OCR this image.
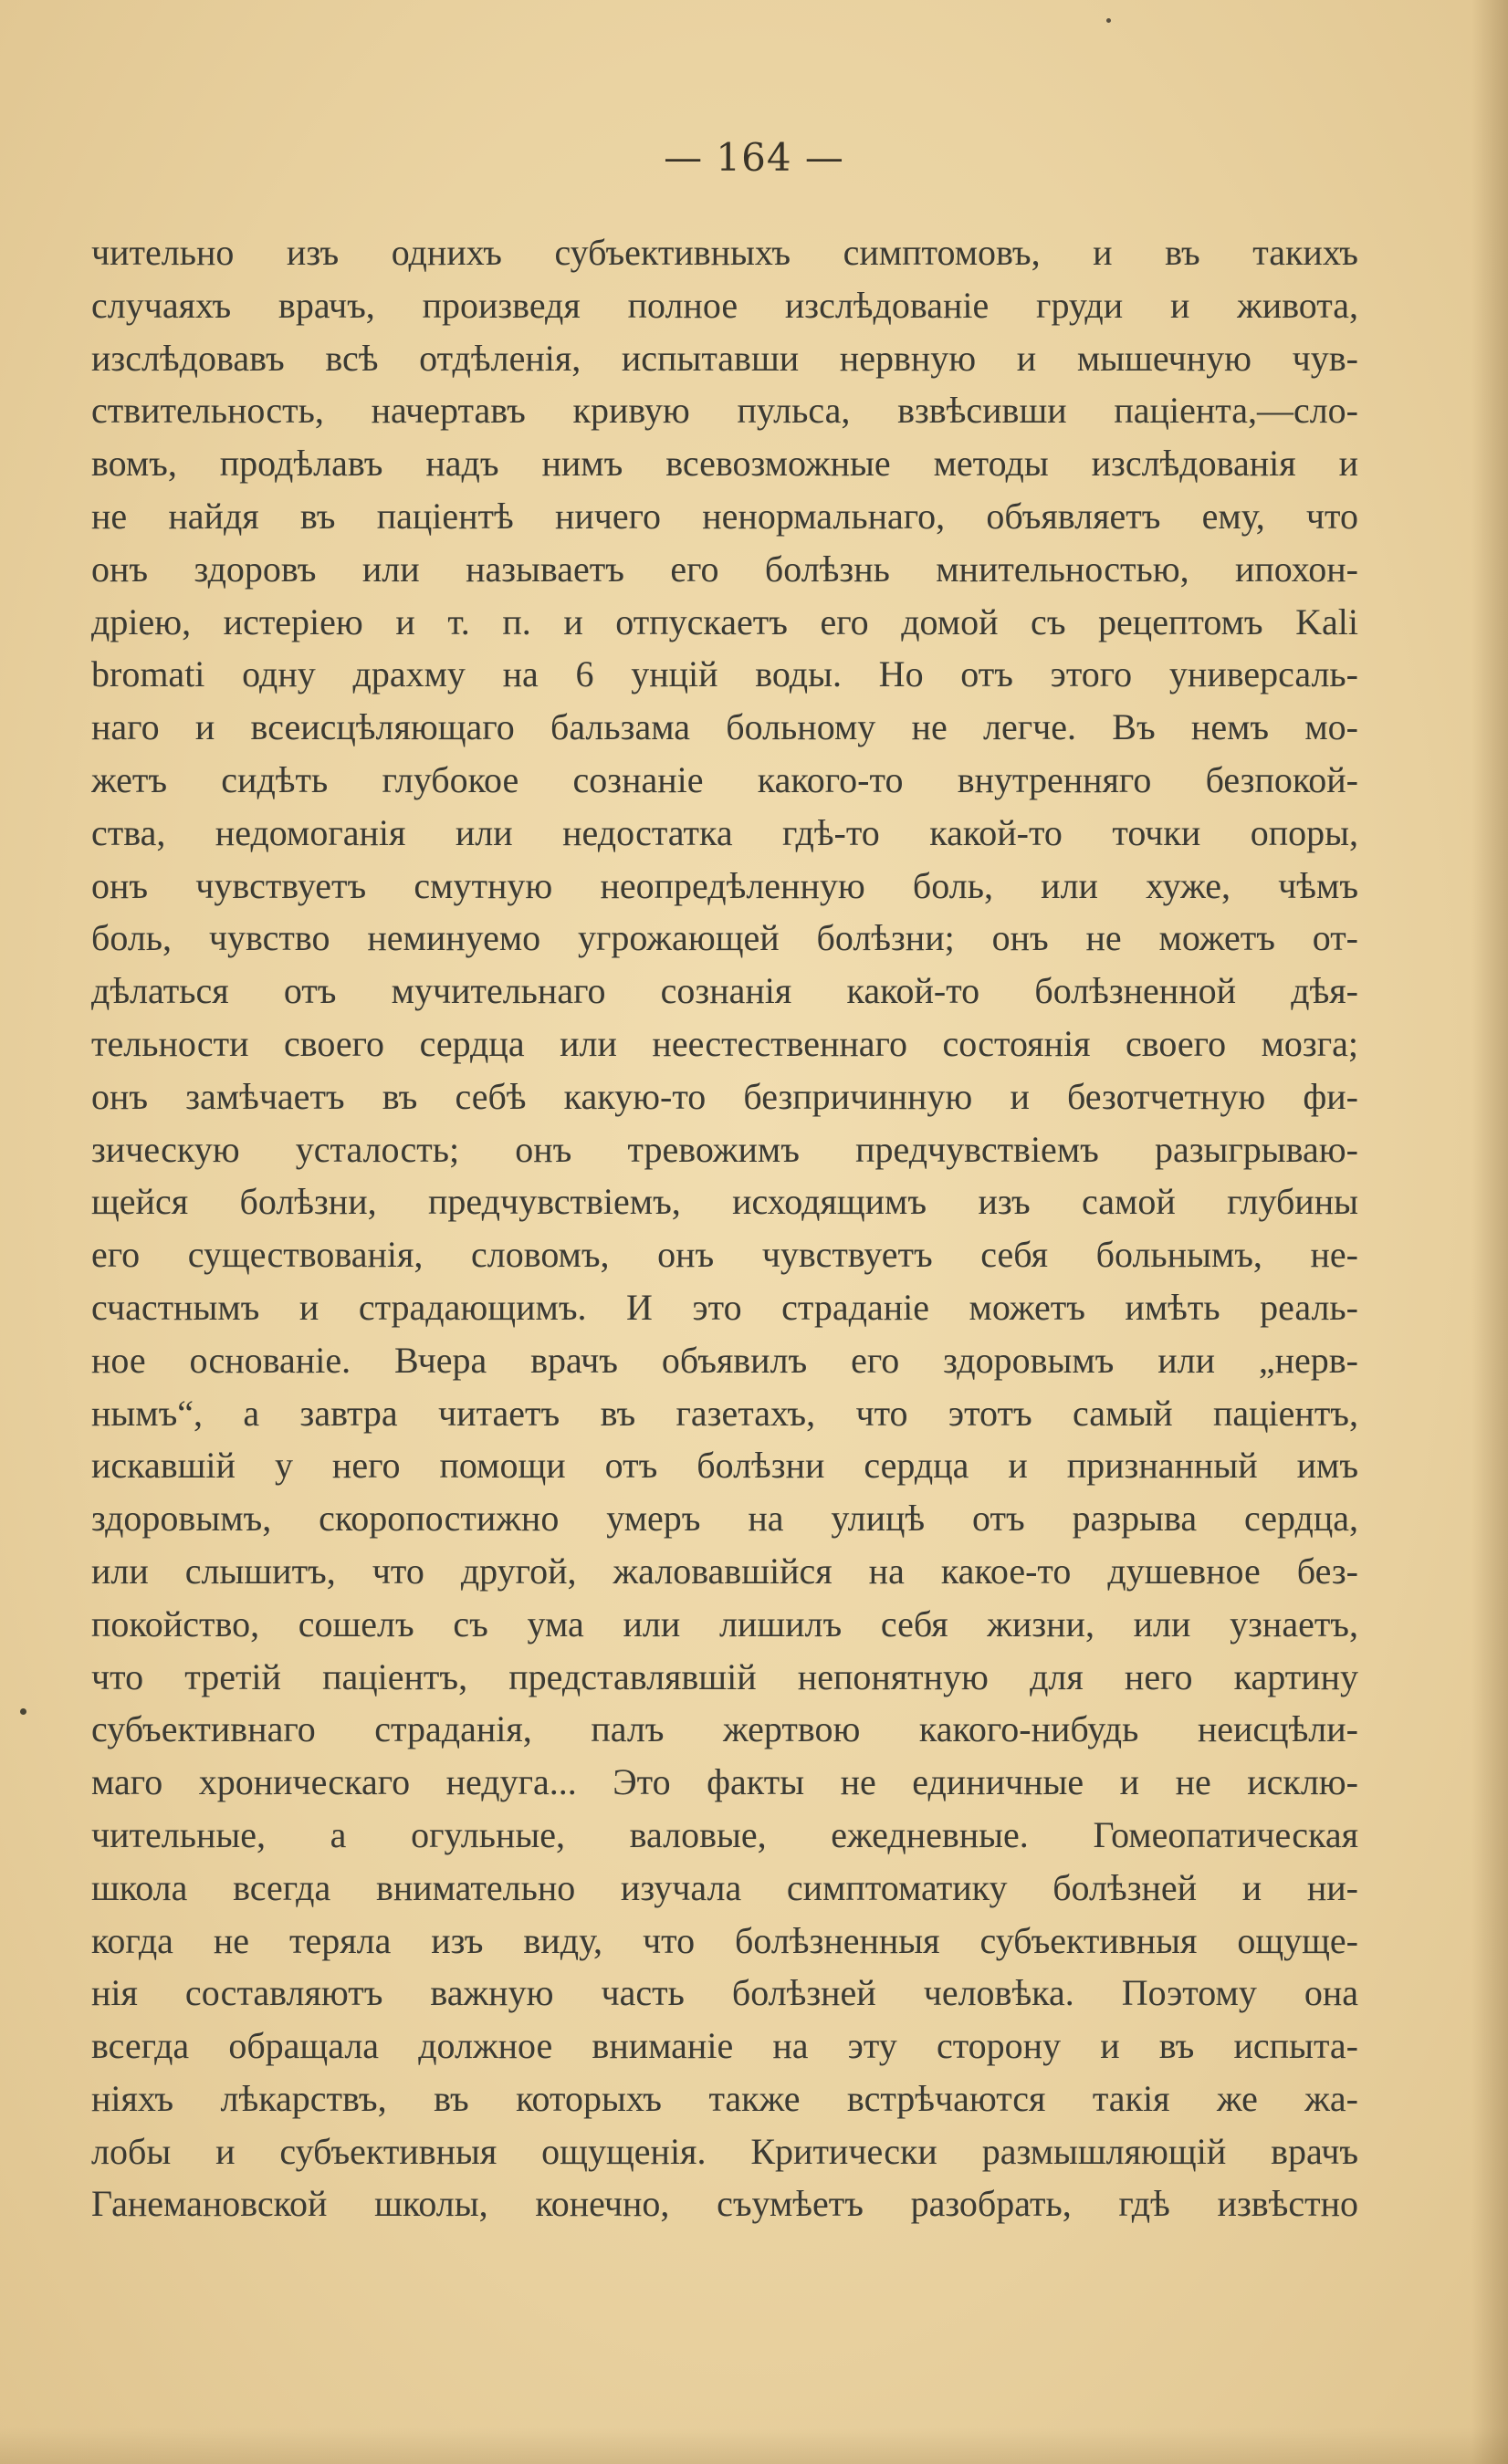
— 164 —
чительно изъ однихъ субъективныхъ симптомовъ, и въ такихъ
случаяхъ врачъ, произведя полное изслѣдованіе груди и живота,
изслѣдовавъ всѣ отдѣленія, испытавши нервную и мышечную чув-
ствительность, начертавъ кривую пульса, взвѣсивши паціента,—сло-
вомъ, продѣлавъ надъ нимъ всевозможные методы изслѣдованія и
не найдя въ паціентѣ ничего ненормальнаго, объявляетъ ему, что
онъ здоровъ или называетъ его болѣзнь мнительностью, ипохон-
дріею, истеріею и т. п. и отпускаетъ его домой съ рецептомъ Kali
bromati одну драхму на 6 унцій воды. Но отъ этого универсаль-
наго и всеисцѣляющаго бальзама больному не легче. Въ немъ мо-
жетъ сидѣть глубокое сознаніе какого-то внутренняго безпокой-
ства, недомоганія или недостатка гдѣ-то какой-то точки опоры,
онъ чувствуетъ смутную неопредѣленную боль, или хуже, чѣмъ
боль, чувство неминуемо угрожающей болѣзни; онъ не можетъ от-
дѣлаться отъ мучительнаго сознанія какой-то болѣзненной дѣя-
тельности своего сердца или неестественнаго состоянія своего мозга;
онъ замѣчаетъ въ себѣ какую-то безпричинную и безотчетную фи-
зическую усталость; онъ тревожимъ предчувствіемъ разыгрываю-
щейся болѣзни, предчувствіемъ, исходящимъ изъ самой глубины
его существованія, словомъ, онъ чувствуетъ себя больнымъ, не-
счастнымъ и страдающимъ. И это страданіе можетъ имѣть реаль-
ное основаніе. Вчера врачъ объявилъ его здоровымъ или „нерв-
нымъ“, а завтра читаетъ въ газетахъ, что этотъ самый паціентъ,
искавшій у него помощи отъ болѣзни сердца и признанный имъ
здоровымъ, скоропостижно умеръ на улицѣ отъ разрыва сердца,
или слышитъ, что другой, жаловавшійся на какое-то душевное без-
покойство, сошелъ съ ума или лишилъ себя жизни, или узнаетъ,
что третій паціентъ, представлявшій непонятную для него картину
субъективнаго страданія, палъ жертвою какого-нибудь неисцѣли-
маго хроническаго недуга... Это факты не единичные и не исклю-
чительные, а огульные, валовые, ежедневные. Гомеопатическая
школа всегда внимательно изучала симптоматику болѣзней и ни-
когда не теряла изъ виду, что болѣзненныя субъективныя ощуще-
нія составляютъ важную часть болѣзней человѣка. Поэтому она
всегда обращала должное вниманіе на эту сторону и въ испыта-
ніяхъ лѣкарствъ, въ которыхъ также встрѣчаются такія же жа-
лобы и субъективныя ощущенія. Критически размышляющій врачъ
Ганемановской школы, конечно, съумѣетъ разобрать, гдѣ извѣстно
